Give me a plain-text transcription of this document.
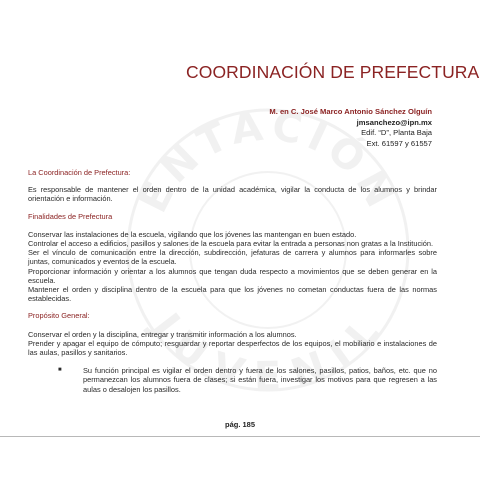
ENTACIÓN
JUVENIL
COORDINACIÓN DE PREFECTURA
M. en C. José Marco Antonio Sánchez Olguín
jmsanchezo@ipn.mx
Edif. “D”, Planta Baja
Ext. 61597 y 61557

La Coordinación de Prefectura:

Es responsable de mantener el orden dentro de la unidad académica, vigilar la conducta de los alumnos y brindar orientación e información.

Finalidades de Prefectura

Conservar las instalaciones de la escuela, vigilando que los jóvenes las mantengan en buen estado.

Controlar el acceso a edificios, pasillos y salones de la escuela para evitar la entrada a personas non gratas a la Institución.

Ser el vínculo de comunicación entre la dirección, subdirección, jefaturas de carrera y alumnos para informarles sobre juntas, comunicados y eventos de la escuela.

Proporcionar información y orientar a los alumnos que tengan duda respecto a movimientos que se deben generar en la escuela.

Mantener el orden y disciplina dentro de la escuela para que los jóvenes no cometan conductas fuera de las normas establecidas.

Propósito General:

Conservar el orden y la disciplina, entregar y transmitir información a los alumnos.

Prender y apagar el equipo de cómputo; resguardar y reportar desperfectos de los equipos, el mobiliario e instalaciones de las aulas, pasillos y sanitarios.

■	Su función principal es vigilar el orden dentro y fuera de los salones, pasillos, patios, baños, etc. que no permanezcan los alumnos fuera de clases; si están fuera, investigar los motivos para que regresen a las aulas o desalojen los pasillos.
pág. 185
